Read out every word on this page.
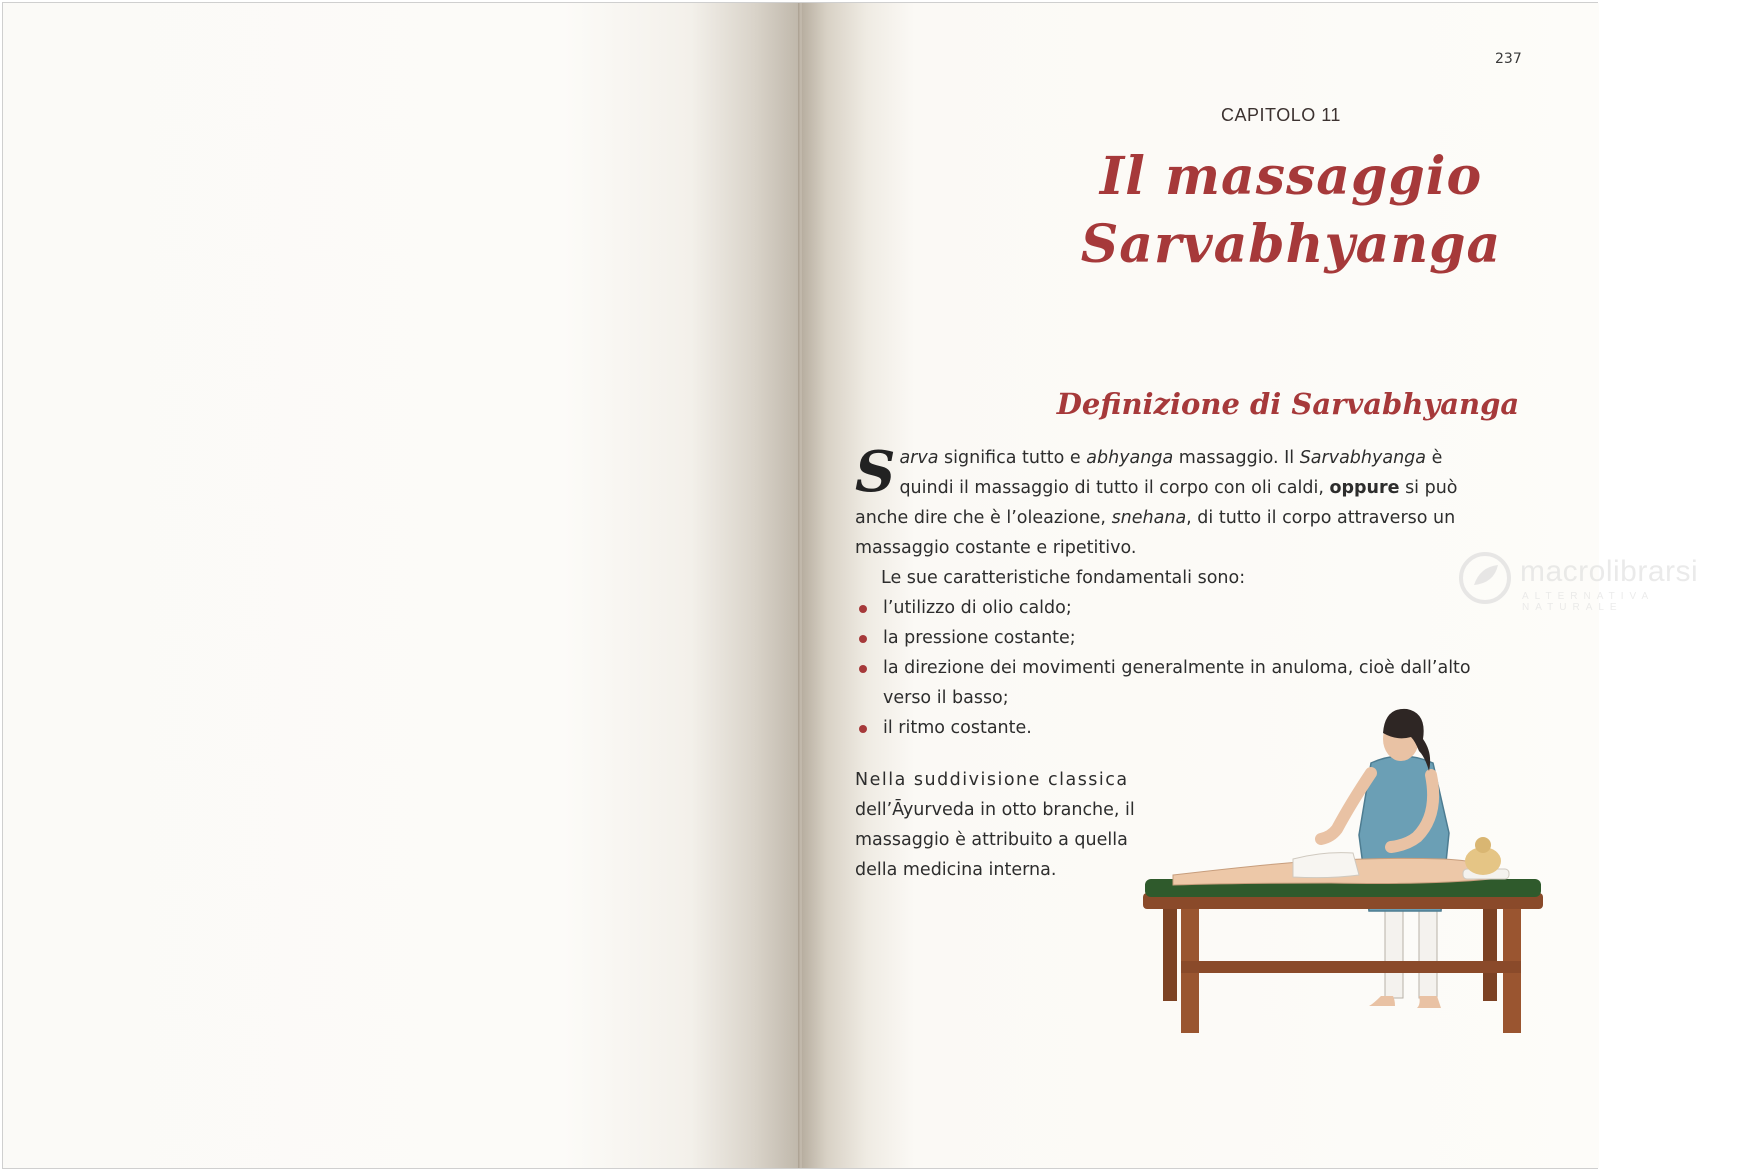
237
CAPITOLO 11
Il massaggio
Sarvabhyanga
Definizione di Sarvabhyanga

Sarva significa tutto e abhyanga massaggio. Il Sarvabhyanga è quindi il massaggio di tutto il corpo con oli caldi, oppure si può anche dire che è l’oleazione, snehana, di tutto il corpo attraverso un massaggio costante e ripetitivo.

Le sue caratteristiche fondamentali sono:

l’utilizzo di olio caldo;
la pressione costante;
la direzione dei movimenti generalmente in anuloma, cioè dall’alto verso il basso;
il ritmo costante.
Nella suddivisione classica
dell’Āyurveda in otto branche, il massaggio è attribuito a quella della medicina interna.
macrolibrarsi
ALTERNATIVA NATURALE
